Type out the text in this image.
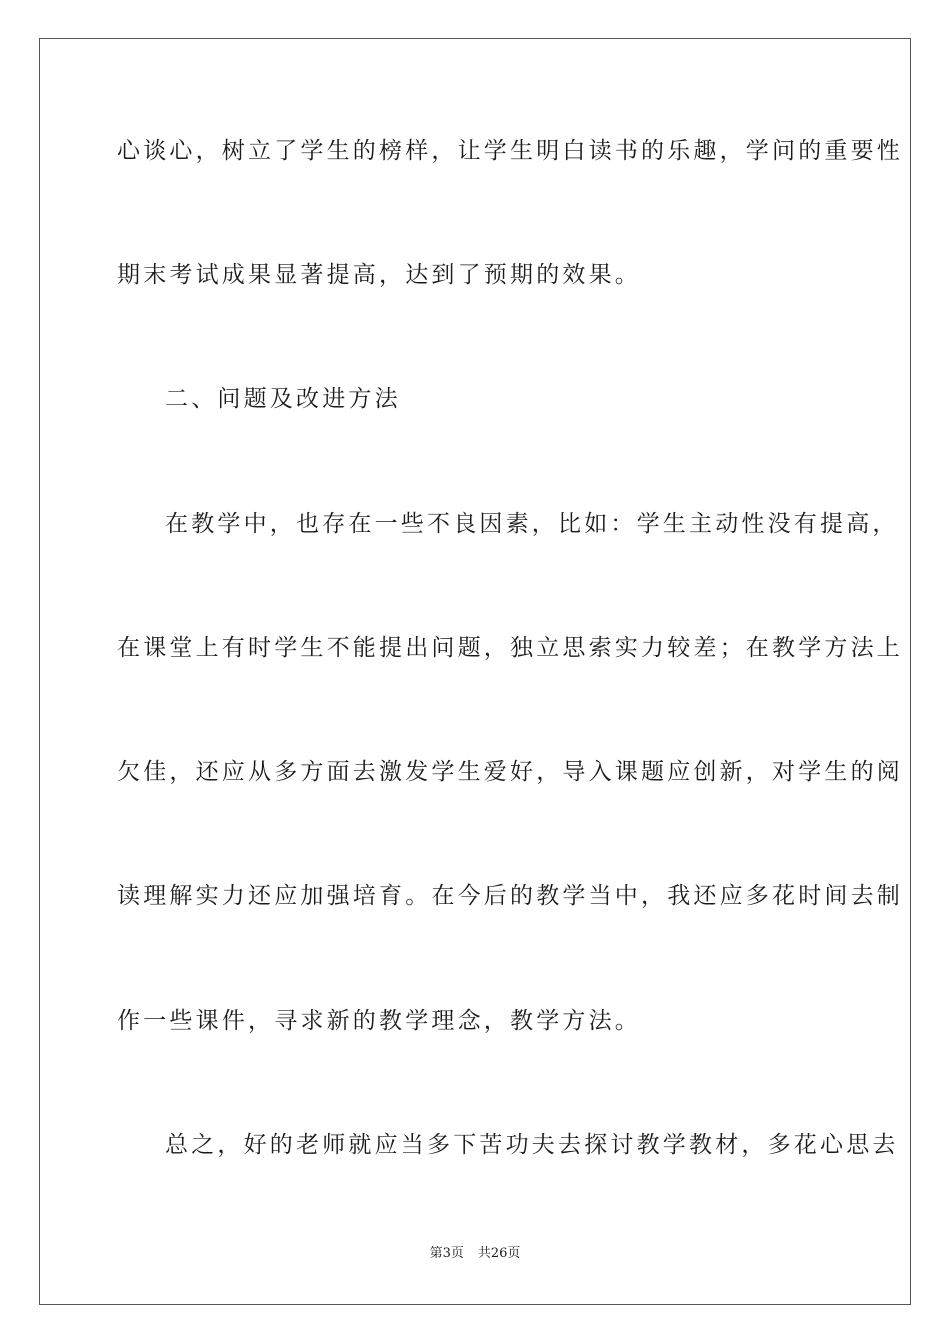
心谈心，树立了学生的榜样，让学生明白读书的乐趣，学问的重要性
期末考试成果显著提高，达到了预期的效果。
二、问题及改进方法
在教学中，也存在一些不良因素，比如：学生主动性没有提高，
在课堂上有时学生不能提出问题，独立思索实力较差；在教学方法上
欠佳，还应从多方面去激发学生爱好，导入课题应创新，对学生的阅
读理解实力还应加强培育。在今后的教学当中，我还应多花时间去制
作一些课件，寻求新的教学理念，教学方法。
总之，好的老师就应当多下苦功夫去探讨教学教材，多花心思去
第3页 共26页
